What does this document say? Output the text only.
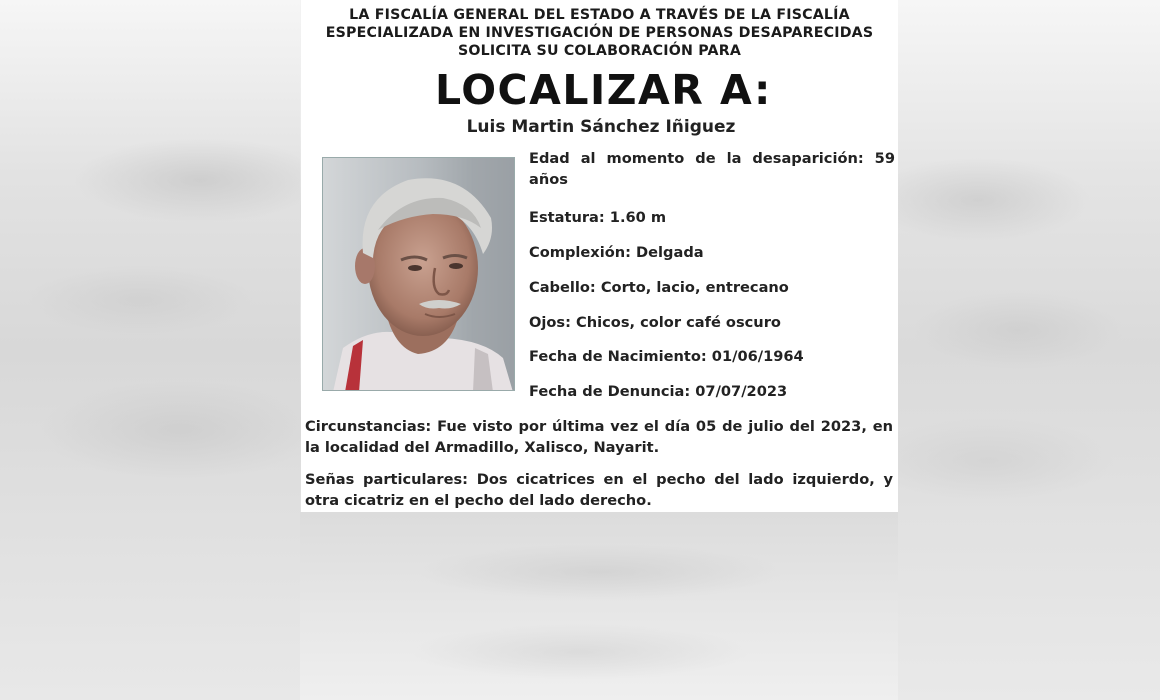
LA FISCALÍA GENERAL DEL ESTADO A TRAVÉS DE LA FISCALÍA
ESPECIALIZADA EN INVESTIGACIÓN DE PERSONAS DESAPARECIDAS
SOLICITA SU COLABORACIÓN PARA
LOCALIZAR A:
Luis Martin Sánchez Iñiguez
Edad al momento de la desaparición: 59 años
Estatura: 1.60 m
Complexión: Delgada
Cabello: Corto, lacio, entrecano
Ojos: Chicos, color café oscuro
Fecha de Nacimiento: 01/06/1964
Fecha de Denuncia: 07/07/2023
Circunstancias: Fue visto por última vez el día 05 de julio del 2023, en la localidad del Armadillo, Xalisco, Nayarit.
Señas particulares: Dos cicatrices en el pecho del lado izquierdo, y otra cicatriz en el pecho del lado derecho.
